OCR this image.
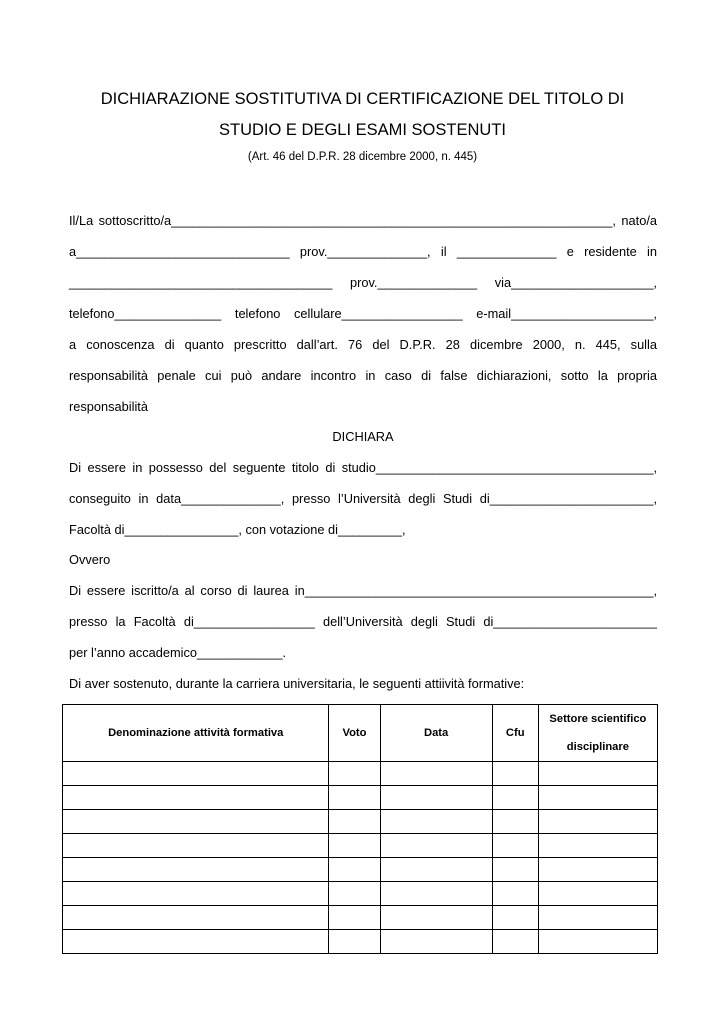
DICHIARAZIONE SOSTITUTIVA DI CERTIFICAZIONE DEL TITOLO DI
STUDIO E DEGLI ESAMI SOSTENUTI
(Art. 46 del D.P.R. 28 dicembre 2000, n. 445)
Il/La sottoscritto/a______________________________________________________________, nato/a
a______________________________ prov.______________, il ______________ e residente in
_____________________________________ prov.______________ via____________________,
telefono_______________ telefono cellulare_________________ e-mail____________________,
a conoscenza di quanto prescritto dall’art. 76 del D.P.R. 28 dicembre 2000, n. 445, sulla
responsabilità penale cui può andare incontro in caso di false dichiarazioni, sotto la propria
responsabilità
DICHIARA
Di essere in possesso del seguente titolo di studio_______________________________________,
conseguito in data______________, presso l’Università degli Studi di_______________________,
Facoltà di________________, con votazione di_________,
Ovvero
Di essere iscritto/a al corso di laurea in_________________________________________________,
presso la Facoltà di_________________ dell’Università degli Studi di_______________________
per l’anno accademico____________.
Di aver sostenuto, durante la carriera universitaria, le seguenti attiività formative:
Denominazione attività formativa	Voto	Data	Cfu	Settore scientifico
disciplinare
